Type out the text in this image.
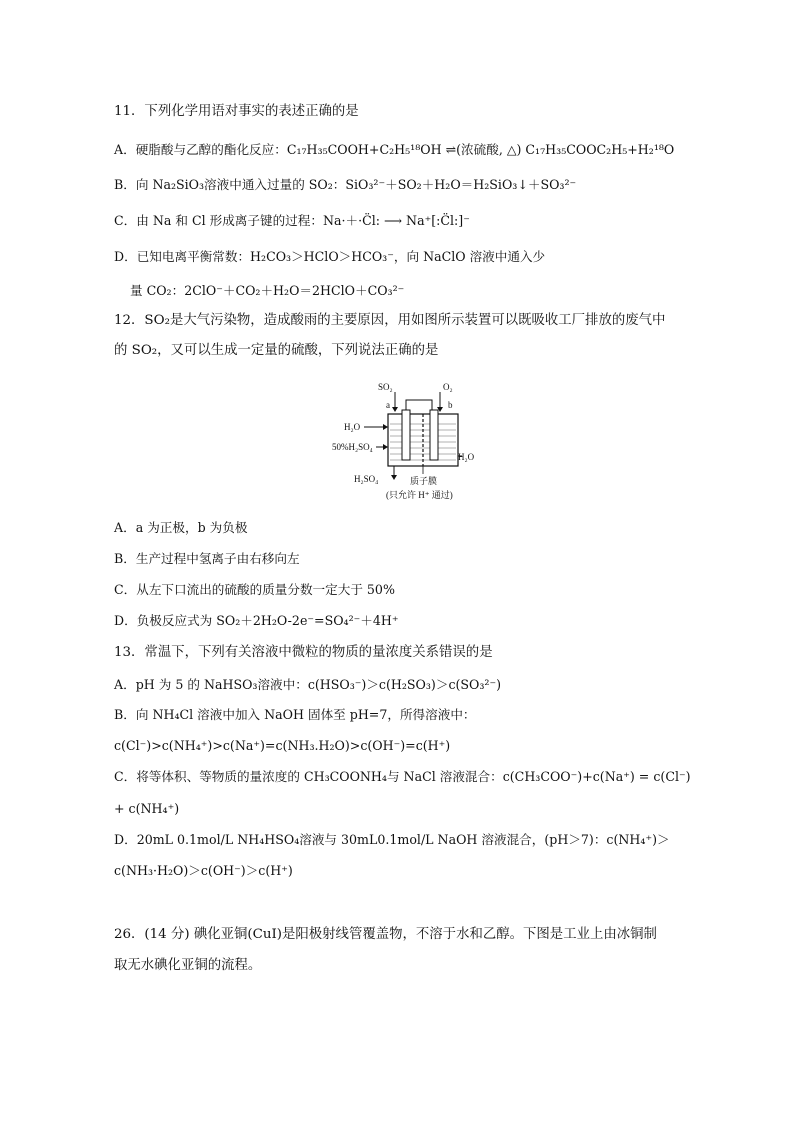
11．下列化学用语对事实的表述正确的是
A．硬脂酸与乙醇的酯化反应：C₁₇H₃₅COOH+C₂H₅¹⁸OH ⇌(浓硫酸, △) C₁₇H₃₅COOC₂H₅+H₂¹⁸O
B．向 Na₂SiO₃溶液中通入过量的 SO₂：SiO₃²⁻＋SO₂＋H₂O＝H₂SiO₃↓＋SO₃²⁻
C．由 Na 和 Cl 形成离子键的过程：Na·＋·C̈l: ⟶ Na⁺[:C̈l:]⁻
D．已知电离平衡常数：H₂CO₃＞HClO＞HCO₃⁻，向 NaClO 溶液中通入少
量 CO₂：2ClO⁻＋CO₂＋H₂O＝2HClO＋CO₃²⁻
12．SO₂是大气污染物，造成酸雨的主要原因，用如图所示装置可以既吸收工厂排放的废气中
的 SO₂，又可以生成一定量的硫酸，下列说法正确的是
SO₂	O₂
a	b
H₂O
50%H₂SO₄
H₂O
H₂SO₄	质子膜
(只允许 H⁺ 通过)
A．a 为正极，b 为负极
B．生产过程中氢离子由右移向左
C．从左下口流出的硫酸的质量分数一定大于 50%
D．负极反应式为 SO₂＋2H₂O-2e⁻=SO₄²⁻＋4H⁺
13．常温下，下列有关溶液中微粒的物质的量浓度关系错误的是
A．pH 为 5 的 NaHSO₃溶液中：c(HSO₃⁻)＞c(H₂SO₃)＞c(SO₃²⁻)
B．向 NH₄Cl 溶液中加入 NaOH 固体至 pH=7，所得溶液中：
c(Cl⁻)>c(NH₄⁺)>c(Na⁺)=c(NH₃.H₂O)>c(OH⁻)=c(H⁺)
C．将等体积、等物质的量浓度的 CH₃COONH₄与 NaCl 溶液混合：c(CH₃COO⁻)+c(Na⁺) = c(Cl⁻)
+ c(NH₄⁺)
D．20mL 0.1mol/L NH₄HSO₄溶液与 30mL0.1mol/L NaOH 溶液混合，(pH＞7)：c(NH₄⁺)＞
c(NH₃·H₂O)＞c(OH⁻)＞c(H⁺)
26．(14 分) 碘化亚铜(CuⅠ)是阳极射线管覆盖物，不溶于水和乙醇。下图是工业上由冰铜制
取无水碘化亚铜的流程。
